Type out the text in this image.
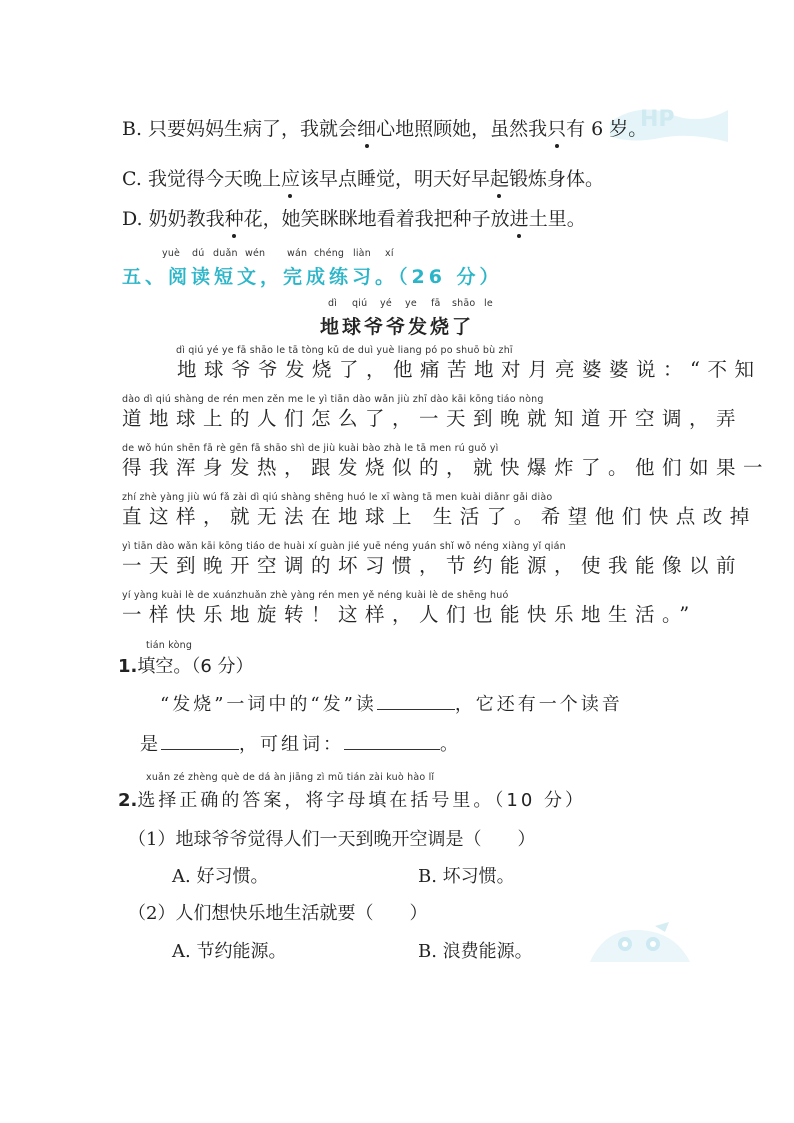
HP
B. 只要妈妈生病了，我就会细心地照顾她，虽然我只有 6 岁。
C. 我觉得今天晚上应该早点睡觉，明天好早起锻炼身体。
D. 奶奶教我种花，她笑眯眯地看着我把种子放进土里。
yuè dú duǎn wén wán chéng liàn xí
五、阅读短文，完成练习。（26 分）
dì qiú yé ye fā shāo le
地球爷爷发烧了
dì qiú yé ye fā shāo le tā tòng kǔ de duì yuè liang pó po shuō bù zhī
　地球爷爷发烧了，他痛苦地对月亮婆婆说：“不知
dào dì qiú shàng de rén men zěn me le yì tiān dào wǎn jiù zhī dào kāi kōng tiáo nòng
道地球上的人们怎么了，一天到晚就知道开空调，弄
de wǒ hún shēn fā rè gēn fā shāo shì de jiù kuài bào zhà le tā men rú guǒ yì
得我浑身发热，跟发烧似的，就快爆炸了。他们如果一
zhí zhè yàng jiù wú fǎ zài dì qiú shàng shēng huó le xī wàng tā men kuài diǎnr gǎi diào
直这样，就无法在地球上 生活了。希望他们快点改掉
yì tiān dào wǎn kāi kōng tiáo de huài xí guàn jié yuē néng yuán shǐ wǒ néng xiàng yǐ qián
一天到晚开空调的坏习惯，节约能源，使我能像以前
yí yàng kuài lè de xuánzhuǎn zhè yàng rén men yě néng kuài lè de shēng huó
一样快乐地旋转！这样，人们也能快乐地生活。”
tián kòng
1.填空。（6 分）
“发烧”一词中的“发”读	，它还有一个读音
是	，可组词：	。
xuǎn zé zhèng què de dá àn jiāng zì mǔ tián zài kuò hào lǐ
2.选择正确的答案，将字母填在括号里。（10 分）
（1）地球爷爷觉得人们一天到晚开空调是（　　）
A. 好习惯。	B. 坏习惯。
（2）人们想快乐地生活就要（　　）
A. 节约能源。	B. 浪费能源。
